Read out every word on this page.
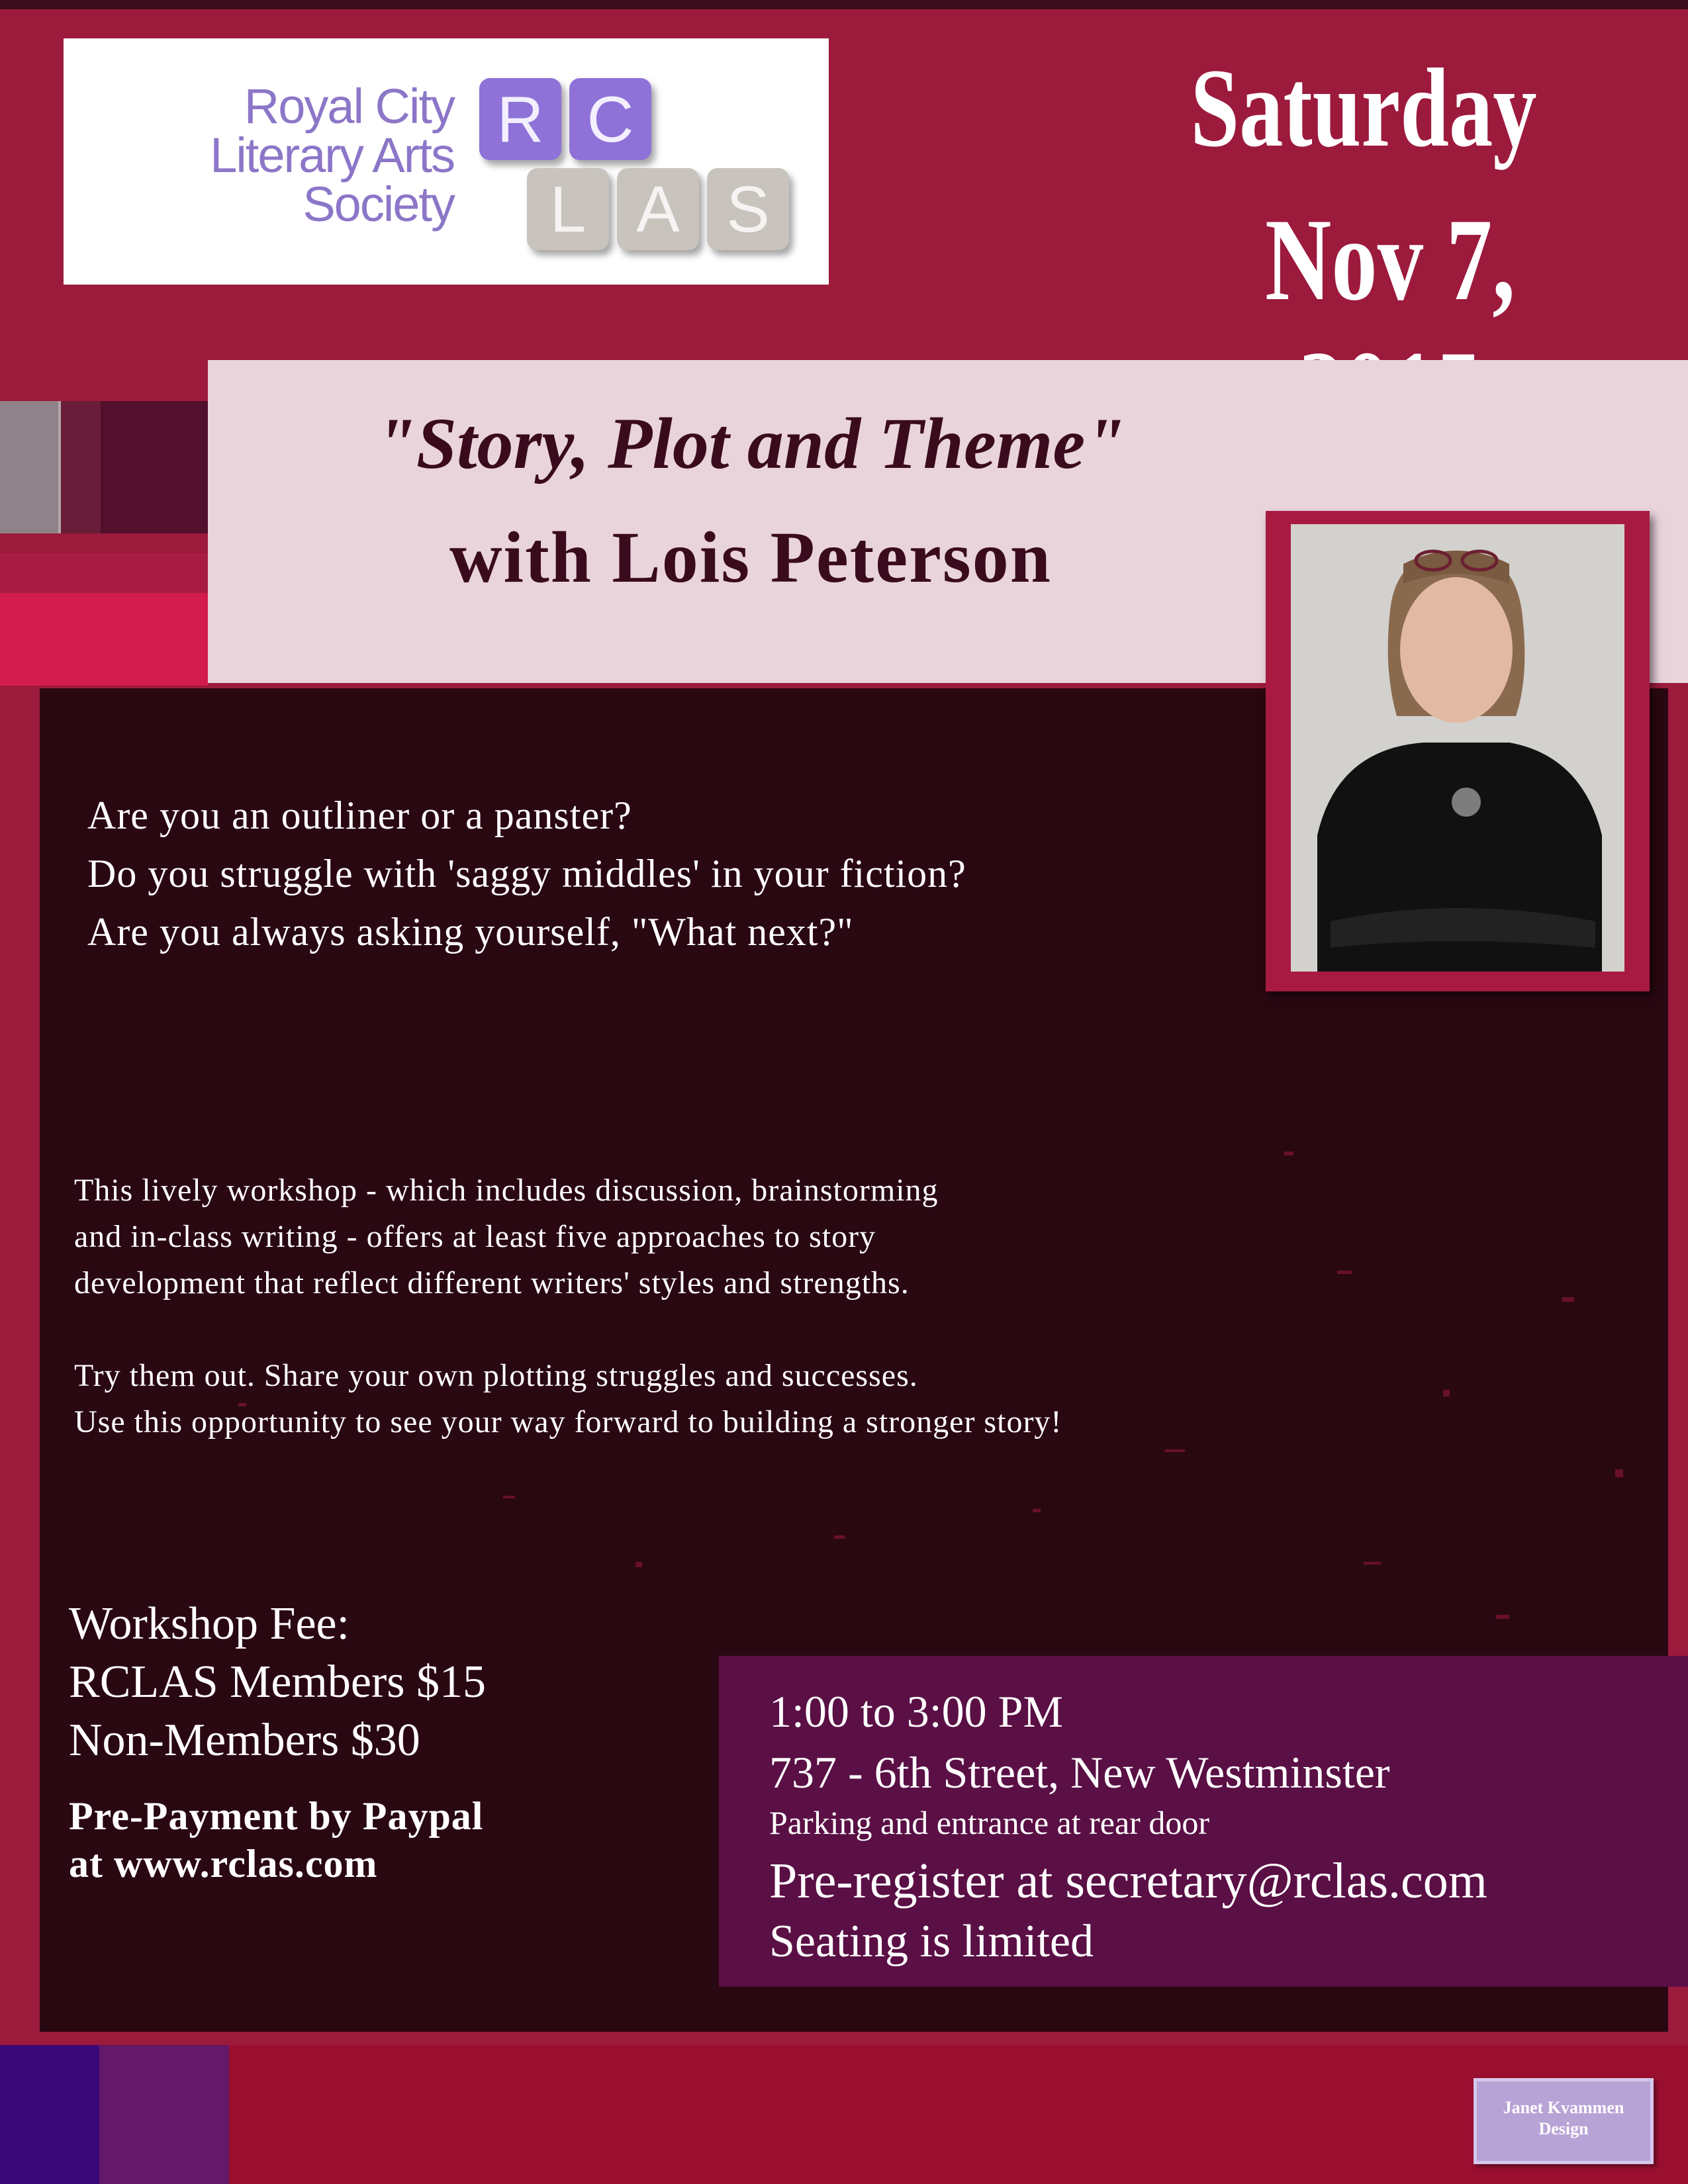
Royal City
Literary Arts
Society
R C
L A S
Saturday
Nov 7,
"Story, Plot and Theme"
with Lois Peterson
Are you an outliner or a panster?
Do you struggle with 'saggy middles' in your fiction?
Are you always asking yourself, "What next?"
This lively workshop - which includes discussion, brainstorming
and in-class writing - offers at least five approaches to story
development that reflect different writers' styles and strengths.
Try them out. Share your own plotting struggles and successes.
Use this opportunity to see your way forward to building a stronger story!
Workshop Fee:
RCLAS Members $15
Non-Members $30
Pre-Payment by Paypal
at www.rclas.com
1:00 to 3:00 PM
737 - 6th Street, New Westminster
Parking and entrance at rear door
Pre-register at secretary@rclas.com
Seating is limited
Janet Kvammen
Design
